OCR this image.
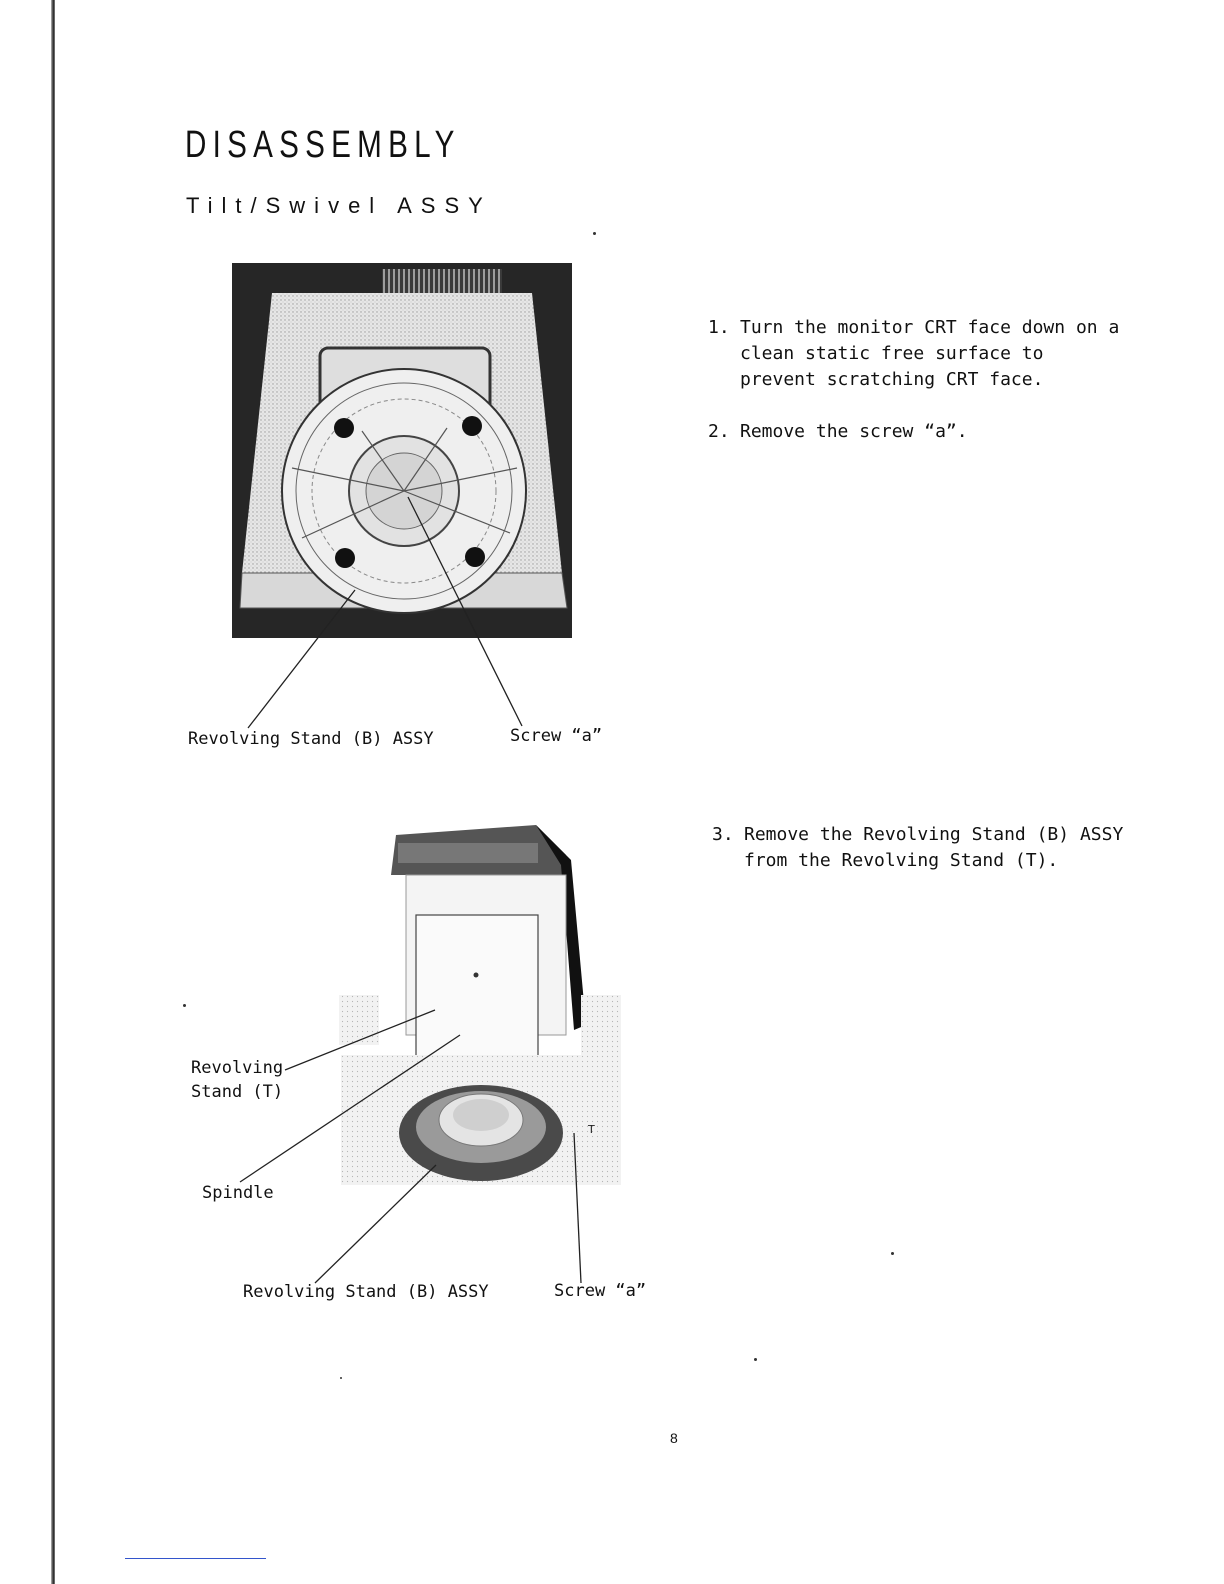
DISASSEMBLY
Tilt/Swivel ASSY
Revolving Stand (B) ASSY	Screw “a”
1. Turn the monitor CRT face down on a clean static free surface to prevent scratching CRT face.
2. Remove the screw “a”.
T
Revolving
Stand (T)
Spindle
Revolving Stand (B) ASSY	Screw “a”
3. Remove the Revolving Stand (B) ASSY from the Revolving Stand (T).
8
